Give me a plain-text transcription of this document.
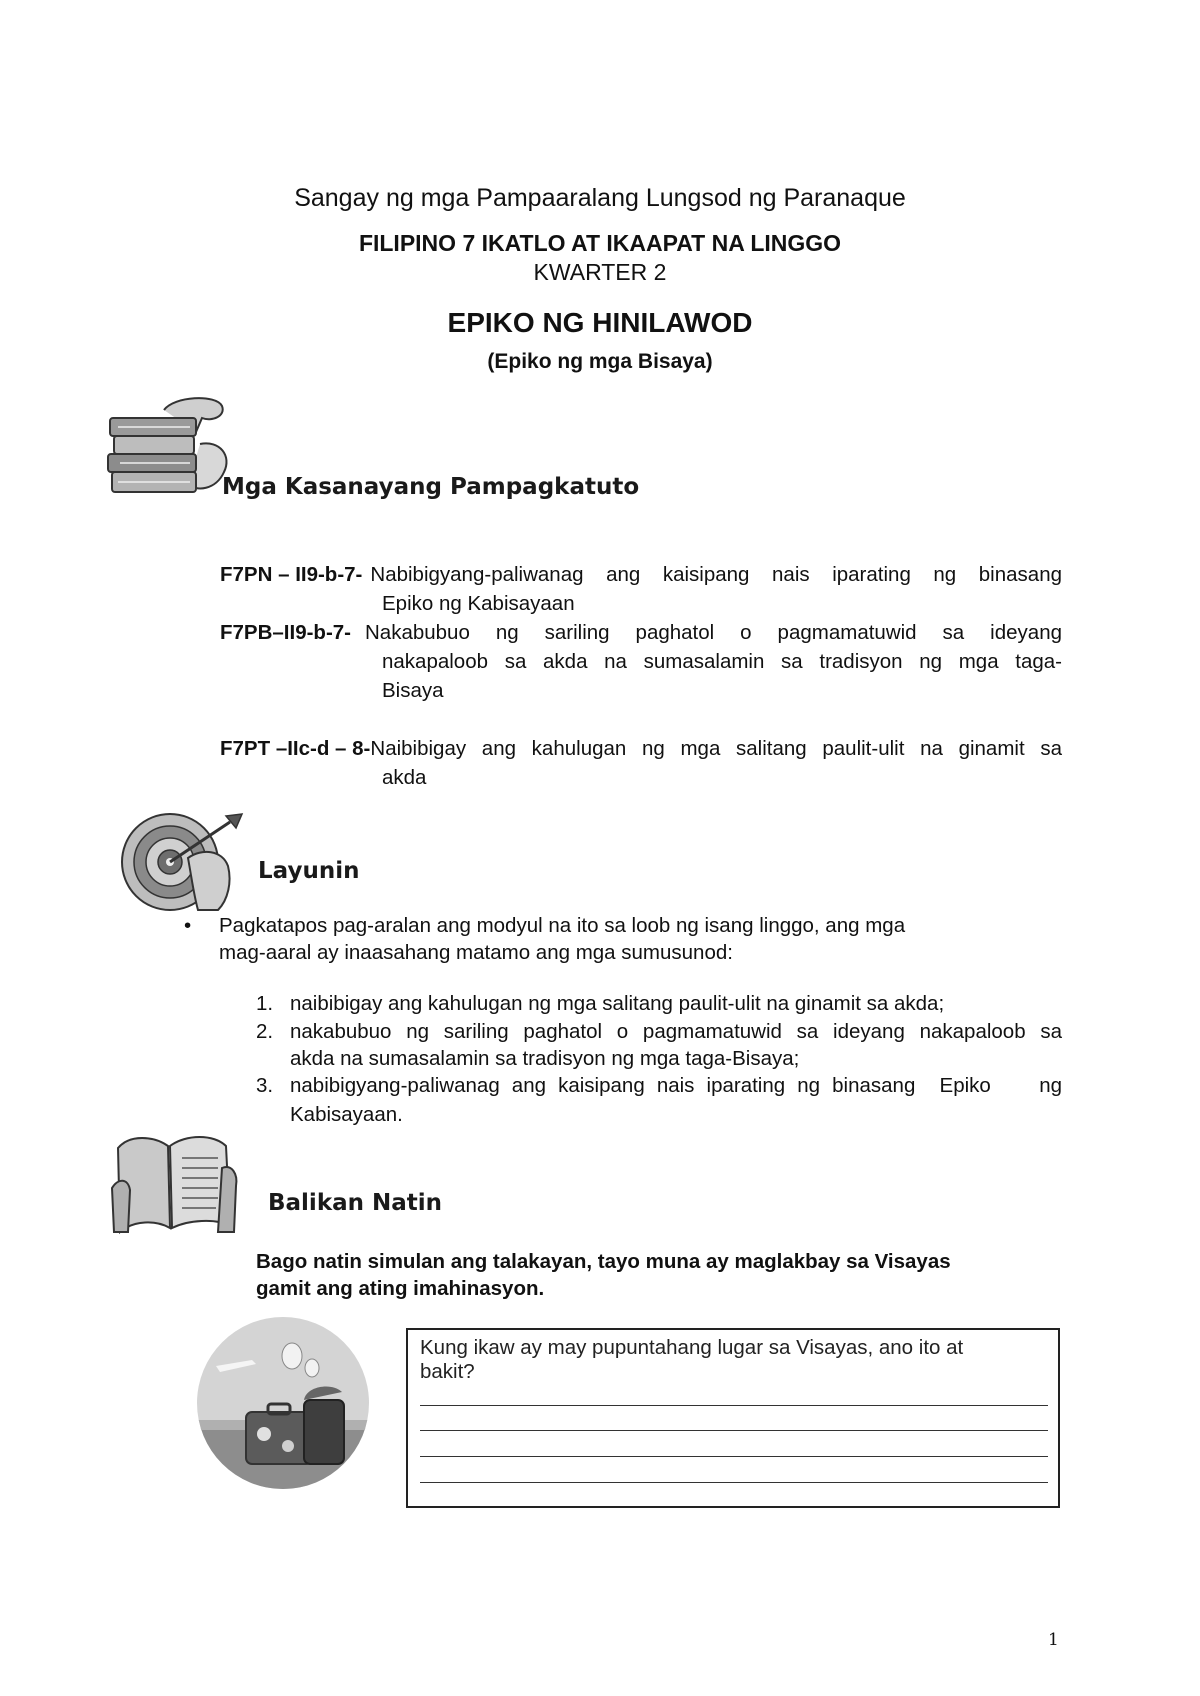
Sangay ng mga Pampaaralang Lungsod ng Paranaque
FILIPINO 7 IKATLO AT IKAAPAT NA LINGGO
KWARTER 2
EPIKO NG HINILAWOD
(Epiko ng mga Bisaya)
Mga Kasanayang Pampagkatuto
F7PN – II9-b-7- Nabibigyang-paliwanag ang kaisipang nais iparating ng binasang
Epiko ng Kabisayaan
F7PB–II9-b-7- Nakabubuo ng sariling paghatol o pagmamatuwid sa ideyang
nakapaloob sa akda na sumasalamin sa tradisyon ng mga taga-
Bisaya
F7PT –IIc-d – 8- Naibibigay ang kahulugan ng mga salitang paulit-ulit na ginamit sa
akda
Layunin
•	Pagkatapos pag-aralan ang modyul na ito sa loob ng isang linggo, ang mga
mag-aaral ay inaasahang matamo ang mga sumusunod:
1. naibibigay ang kahulugan ng mga salitang paulit-ulit na ginamit sa akda;
2. nakabubuo ng sariling paghatol o pagmamatuwid sa ideyang nakapaloob sa
akda na sumasalamin sa tradisyon ng mga taga-Bisaya;
3. nabibigyang-paliwanag ang kaisipang nais iparating ng binasang  Epiko    ng
Kabisayaan.
Balikan Natin
Bago natin simulan ang talakayan, tayo muna ay maglakbay sa Visayas
gamit ang ating imahinasyon.
Kung ikaw ay may pupuntahang lugar sa Visayas, ano ito at
bakit?
1
